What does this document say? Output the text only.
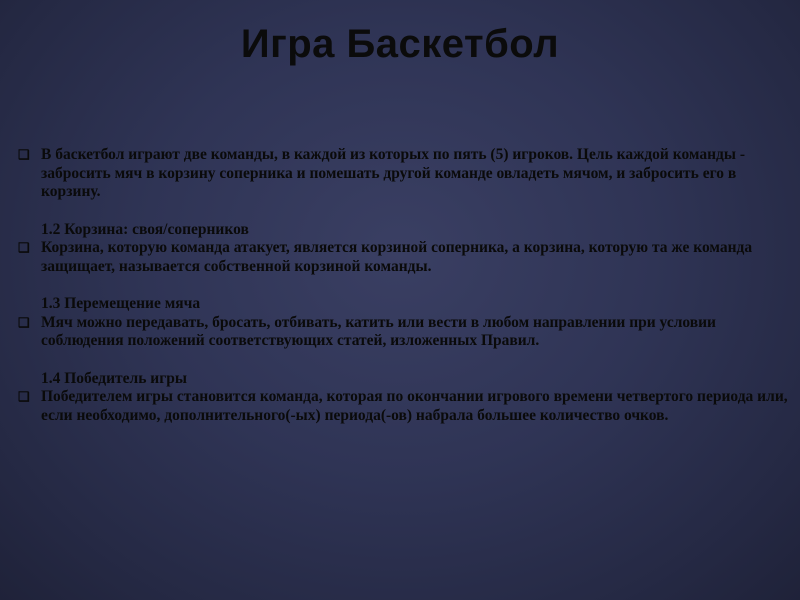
Игра Баскетбол
❑ В баскетбол играют две команды, в каждой из которых по пять (5) игроков. Цель каждой команды - забросить мяч в корзину соперника и помешать другой команде овладеть мячом, и забросить его в корзину.
1.2 Корзина: своя/соперников
❑ Корзина, которую команда атакует, является корзиной соперника, а корзина, которую та же команда защищает, называется собственной корзиной команды.
1.3 Перемещение мяча
❑ Мяч можно передавать, бросать, отбивать, катить или вести в любом направлении при условии соблюдения положений соответствующих статей, изложенных Правил.
1.4 Победитель игры
❑ Победителем игры становится команда, которая по окончании игрового времени четвертого периода или, если необходимо, дополнительного(-ых) периода(-ов) набрала большее количество очков.
